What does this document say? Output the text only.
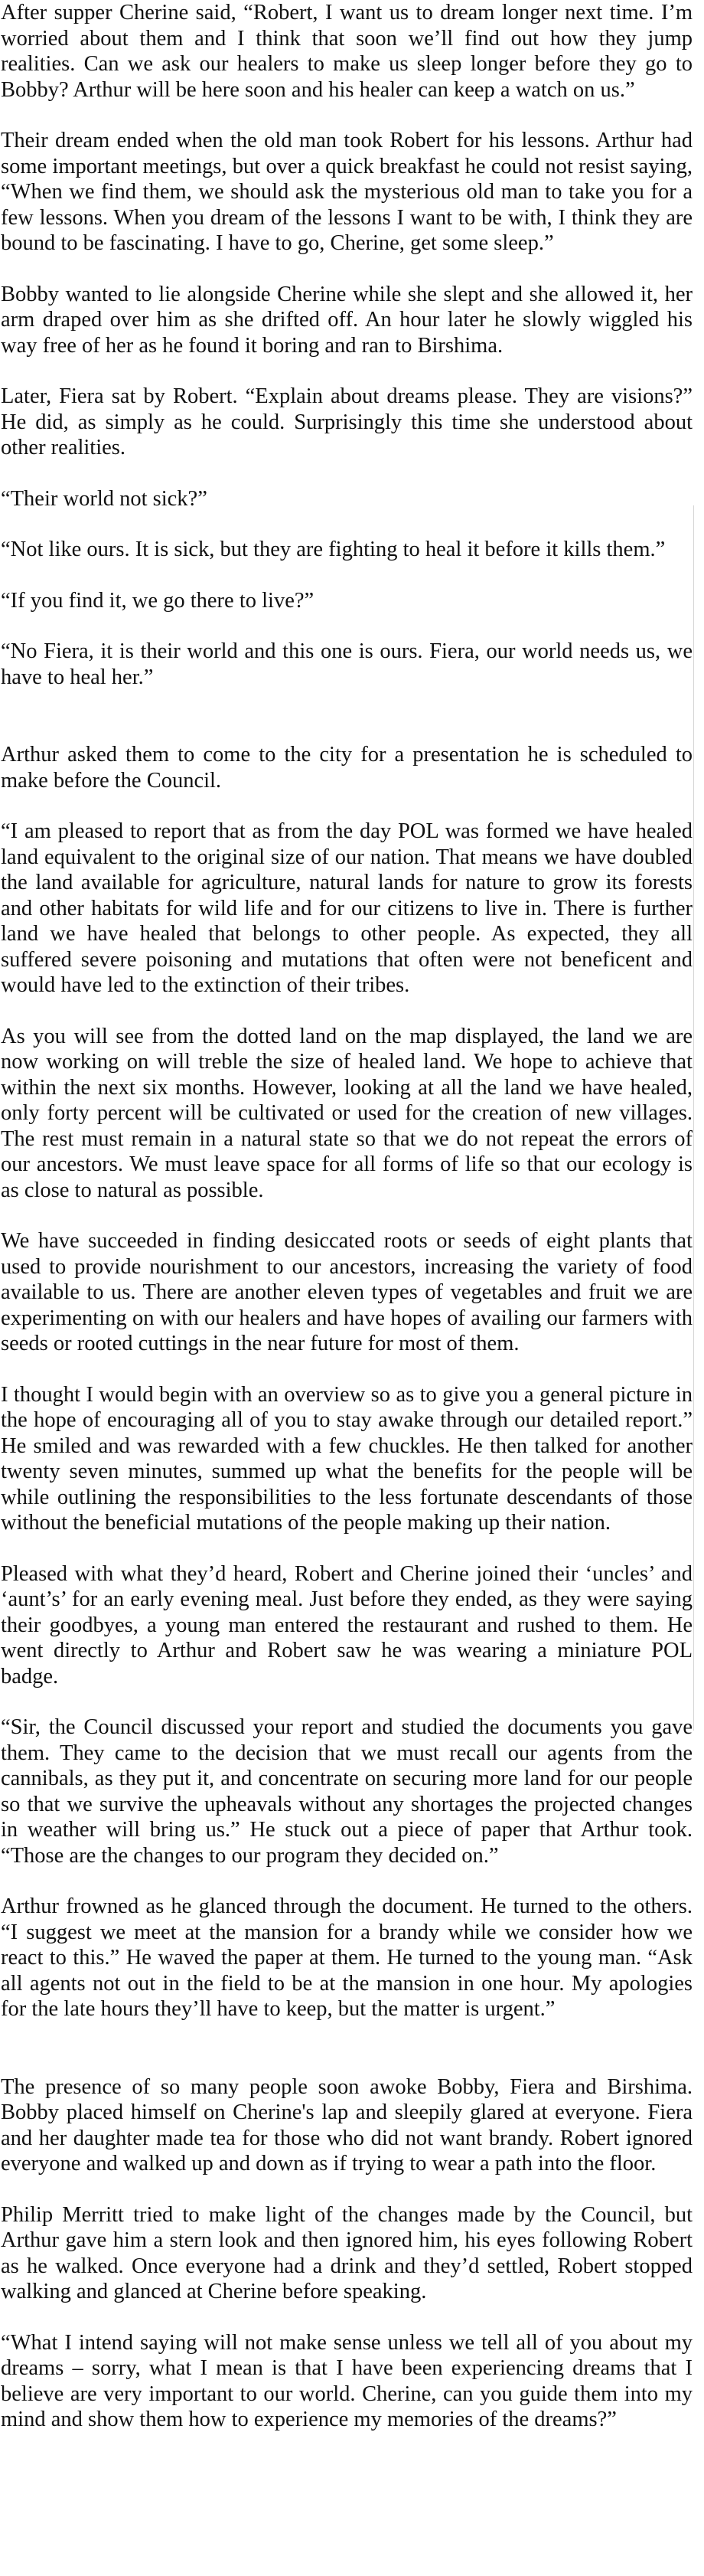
After supper Cherine said, “Robert, I want us to dream longer next time. I’m worried about them and I think that soon we’ll find out how they jump realities. Can we ask our healers to make us sleep longer before they go to Bobby? Arthur will be here soon and his healer can keep a watch on us.”

Their dream ended when the old man took Robert for his lessons. Arthur had some important meetings, but over a quick breakfast he could not resist saying, “When we find them, we should ask the mysterious old man to take you for a few lessons. When you dream of the lessons I want to be with, I think they are bound to be fascinating. I have to go, Cherine, get some sleep.”

Bobby wanted to lie alongside Cherine while she slept and she allowed it, her arm draped over him as she drifted off. An hour later he slowly wiggled his way free of her as he found it boring and ran to Birshima.

Later, Fiera sat by Robert. “Explain about dreams please. They are visions?” He did, as simply as he could. Surprisingly this time she understood about other realities.

“Their world not sick?”

“Not like ours. It is sick, but they are fighting to heal it before it kills them.”

“If you find it, we go there to live?”

“No Fiera, it is their world and this one is ours. Fiera, our world needs us, we have to heal her.”

Arthur asked them to come to the city for a presentation he is scheduled to make before the Council.

“I am pleased to report that as from the day POL was formed we have healed land equivalent to the original size of our nation. That means we have doubled the land available for agriculture, natural lands for nature to grow its forests and other habitats for wild life and for our citizens to live in. There is further land we have healed that belongs to other people. As expected, they all suffered severe poisoning and mutations that often were not beneficent and would have led to the extinction of their tribes.

As you will see from the dotted land on the map displayed, the land we are now working on will treble the size of healed land. We hope to achieve that within the next six months. However, looking at all the land we have healed, only forty percent will be cultivated or used for the creation of new villages. The rest must remain in a natural state so that we do not repeat the errors of our ancestors. We must leave space for all forms of life so that our ecology is as close to natural as possible.

We have succeeded in finding desiccated roots or seeds of eight plants that used to provide nourishment to our ancestors, increasing the variety of food available to us. There are another eleven types of vegetables and fruit we are experimenting on with our healers and have hopes of availing our farmers with seeds or rooted cuttings in the near future for most of them.

I thought I would begin with an overview so as to give you a general picture in the hope of encouraging all of you to stay awake through our detailed report.” He smiled and was rewarded with a few chuckles. He then talked for another twenty seven minutes, summed up what the benefits for the people will be while outlining the responsibilities to the less fortunate descendants of those without the beneficial mutations of the people making up their nation.

Pleased with what they’d heard, Robert and Cherine joined their ‘uncles’ and ‘aunt’s’ for an early evening meal. Just before they ended, as they were saying their goodbyes, a young man entered the restaurant and rushed to them. He went directly to Arthur and Robert saw he was wearing a miniature POL badge.

“Sir, the Council discussed your report and studied the documents you gave them. They came to the decision that we must recall our agents from the cannibals, as they put it, and concentrate on securing more land for our people so that we survive the upheavals without any shortages the projected changes in weather will bring us.” He stuck out a piece of paper that Arthur took. “Those are the changes to our program they decided on.”

Arthur frowned as he glanced through the document. He turned to the others. “I suggest we meet at the mansion for a brandy while we consider how we react to this.” He waved the paper at them. He turned to the young man. “Ask all agents not out in the field to be at the mansion in one hour. My apologies for the late hours they’ll have to keep, but the matter is urgent.”

The presence of so many people soon awoke Bobby, Fiera and Birshima. Bobby placed himself on Cherine's lap and sleepily glared at everyone. Fiera and her daughter made tea for those who did not want brandy. Robert ignored everyone and walked up and down as if trying to wear a path into the floor.

Philip Merritt tried to make light of the changes made by the Council, but Arthur gave him a stern look and then ignored him, his eyes following Robert as he walked. Once everyone had a drink and they’d settled, Robert stopped walking and glanced at Cherine before speaking.

“What I intend saying will not make sense unless we tell all of you about my dreams – sorry, what I mean is that I have been experiencing dreams that I believe are very important to our world. Cherine, can you guide them into my mind and show them how to experience my memories of the dreams?”
